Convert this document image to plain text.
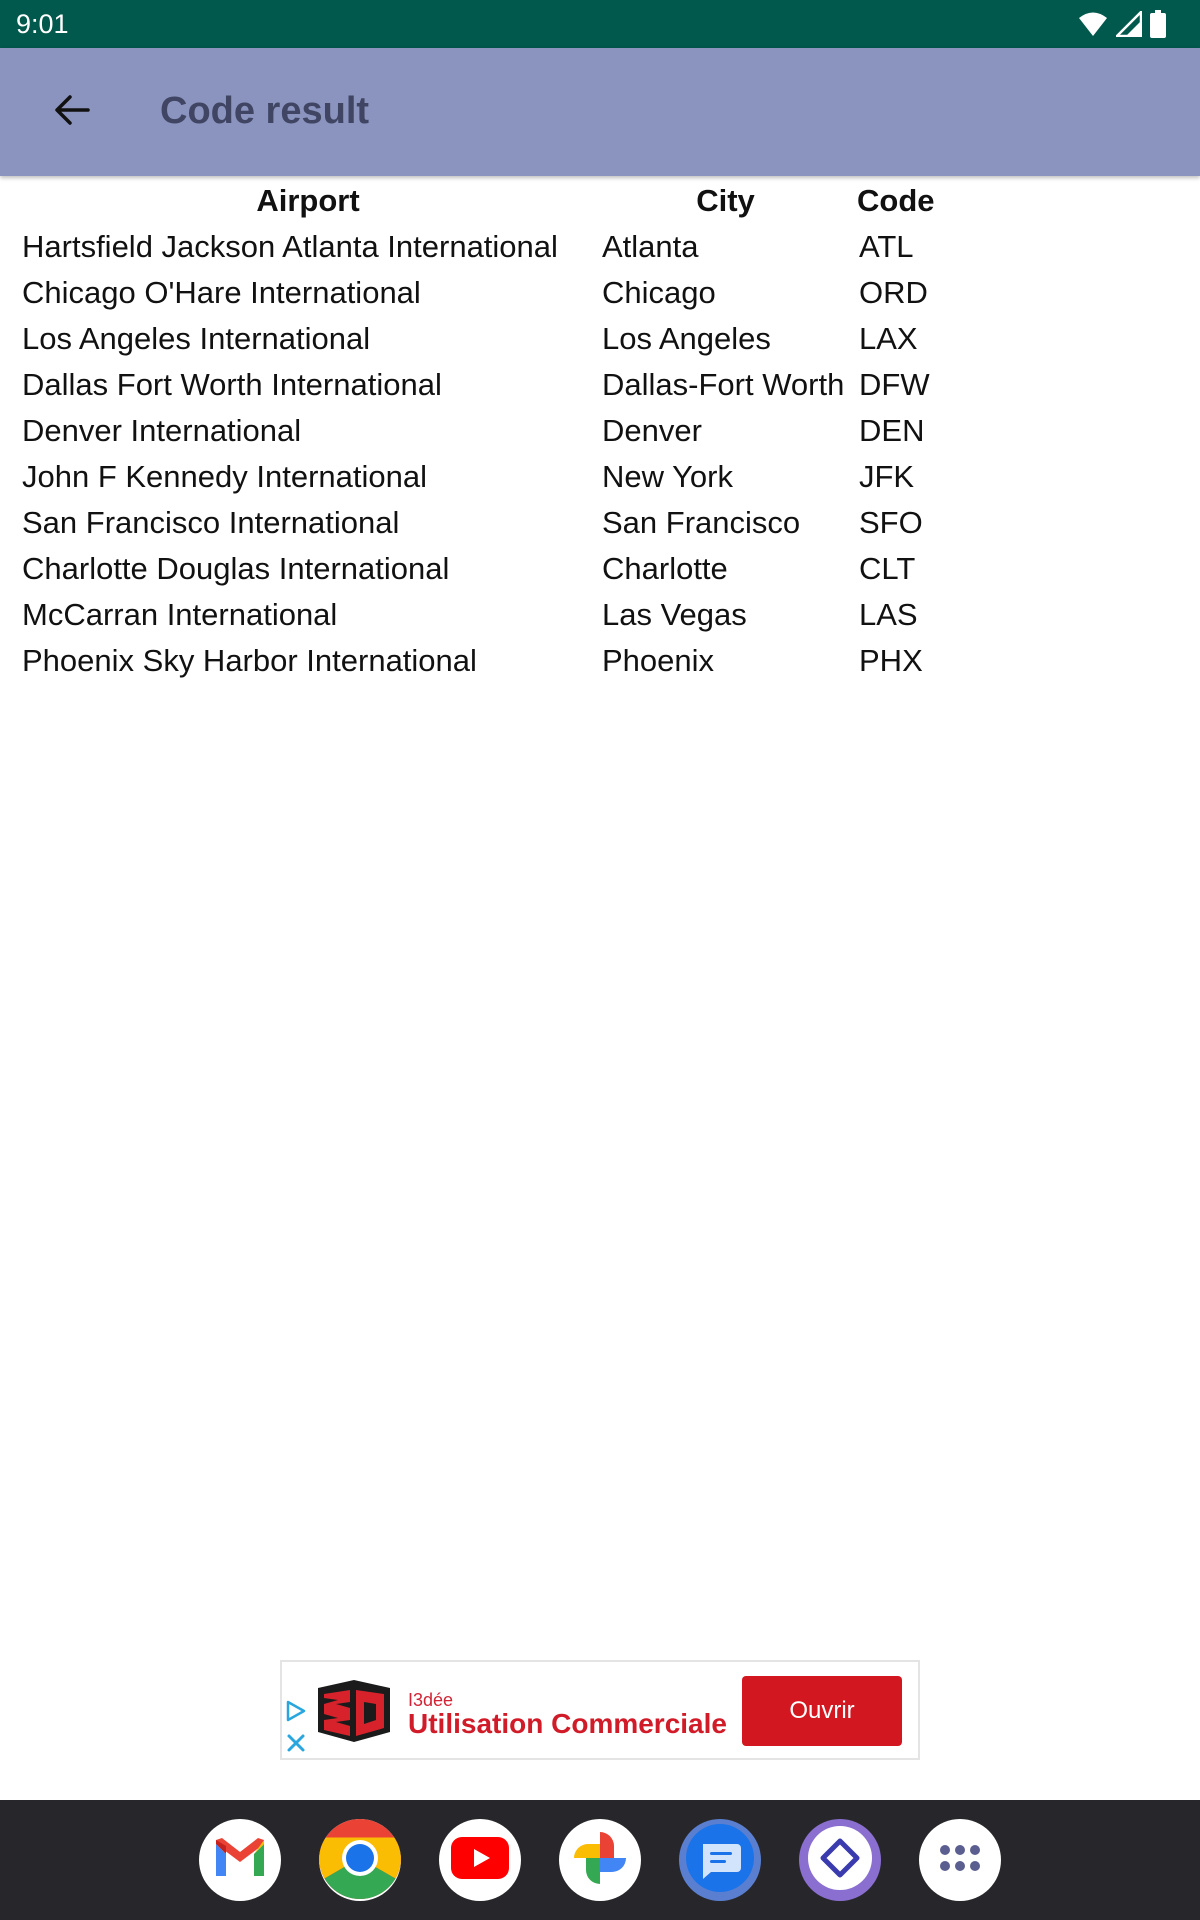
9:01
Code result
Airport	City	Code
Hartsfield Jackson Atlanta International	Atlanta	ATL
Chicago O'Hare International	Chicago	ORD
Los Angeles International	Los Angeles	LAX
Dallas Fort Worth International	Dallas-Fort Worth	DFW
Denver International	Denver	DEN
John F Kennedy International	New York	JFK
San Francisco International	San Francisco	SFO
Charlotte Douglas International	Charlotte	CLT
McCarran International	Las Vegas	LAS
Phoenix Sky Harbor International	Phoenix	PHX
I3dée
Utilisation Commerciale	Ouvrir
